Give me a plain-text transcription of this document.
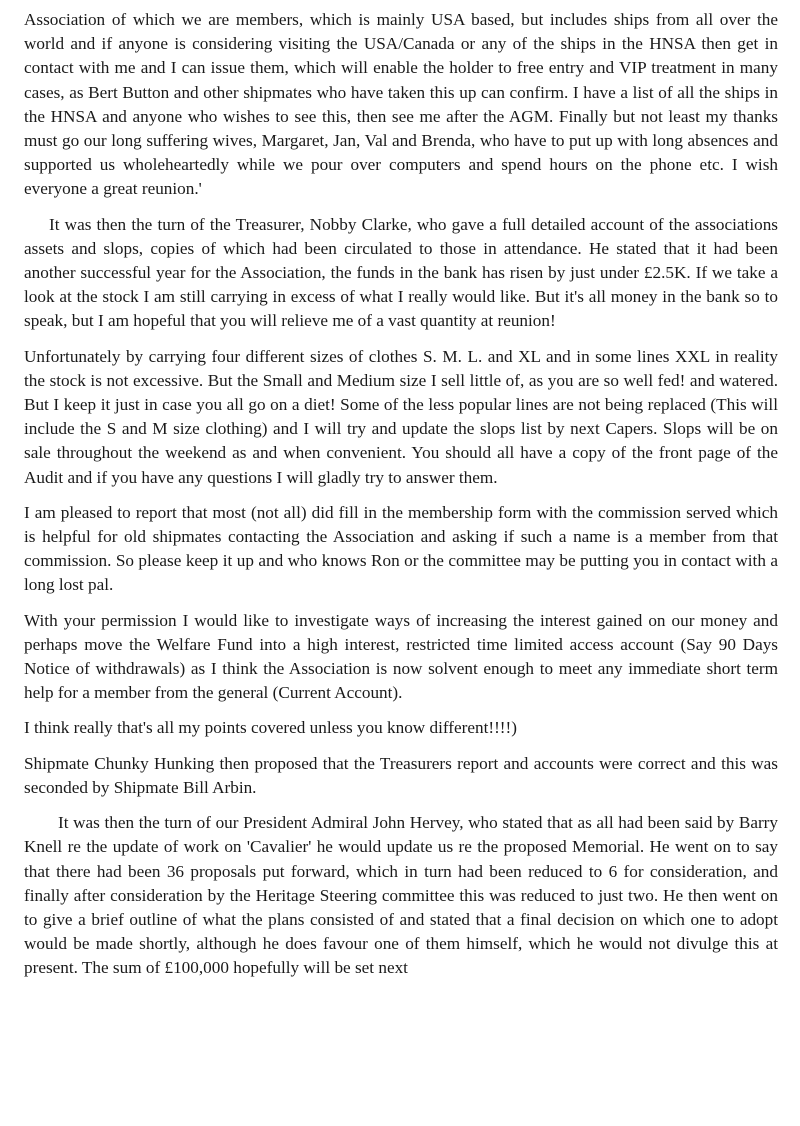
Association of which we are members, which is mainly USA based, but includes ships from all over the world and if anyone is considering visiting the USA/Canada or any of the ships in the HNSA then get in contact with me and I can issue them, which will enable the holder to free entry and VIP treatment in many cases, as Bert Button and other shipmates who have taken this up can confirm. I have a list of all the ships in the HNSA and anyone who wishes to see this, then see me after the AGM. Finally but not least my thanks must go our long suffering wives, Margaret, Jan, Val and Brenda, who have to put up with long absences and supported us wholeheartedly while we pour over computers and spend hours on the phone etc. I wish everyone a great reunion.'

It was then the turn of the Treasurer, Nobby Clarke, who gave a full detailed account of the associations assets and slops, copies of which had been circulated to those in attendance. He stated that it had been another successful year for the Association, the funds in the bank has risen by just under £2.5K. If we take a look at the stock I am still carrying in excess of what I really would like. But it's all money in the bank so to speak, but I am hopeful that you will relieve me of a vast quantity at reunion!

Unfortunately by carrying four different sizes of clothes S. M. L. and XL and in some lines XXL in reality the stock is not excessive. But the Small and Medium size I sell little of, as you are so well fed! and watered. But I keep it just in case you all go on a diet! Some of the less popular lines are not being replaced (This will include the S and M size clothing) and I will try and update the slops list by next Capers. Slops will be on sale throughout the weekend as and when convenient. You should all have a copy of the front page of the Audit and if you have any questions I will gladly try to answer them.

I am pleased to report that most (not all) did fill in the membership form with the commission served which is helpful for old shipmates contacting the Association and asking if such a name is a member from that commission. So please keep it up and who knows Ron or the committee may be putting you in contact with a long lost pal.

With your permission I would like to investigate ways of increasing the interest gained on our money and perhaps move the Welfare Fund into a high interest, restricted time limited access account (Say 90 Days Notice of withdrawals) as I think the Association is now solvent enough to meet any immediate short term help for a member from the general (Current Account).

I think really that's all my points covered unless you know different!!!!)

Shipmate Chunky Hunking then proposed that the Treasurers report and accounts were correct and this was seconded by Shipmate Bill Arbin.

It was then the turn of our President Admiral John Hervey, who stated that as all had been said by Barry Knell re the update of work on 'Cavalier' he would update us re the proposed Memorial. He went on to say that there had been 36 proposals put forward, which in turn had been reduced to 6 for consideration, and finally after consideration by the Heritage Steering committee this was reduced to just two. He then went on to give a brief outline of what the plans consisted of and stated that a final decision on which one to adopt would be made shortly, although he does favour one of them himself, which he would not divulge this at present. The sum of £100,000 hopefully will be set next
